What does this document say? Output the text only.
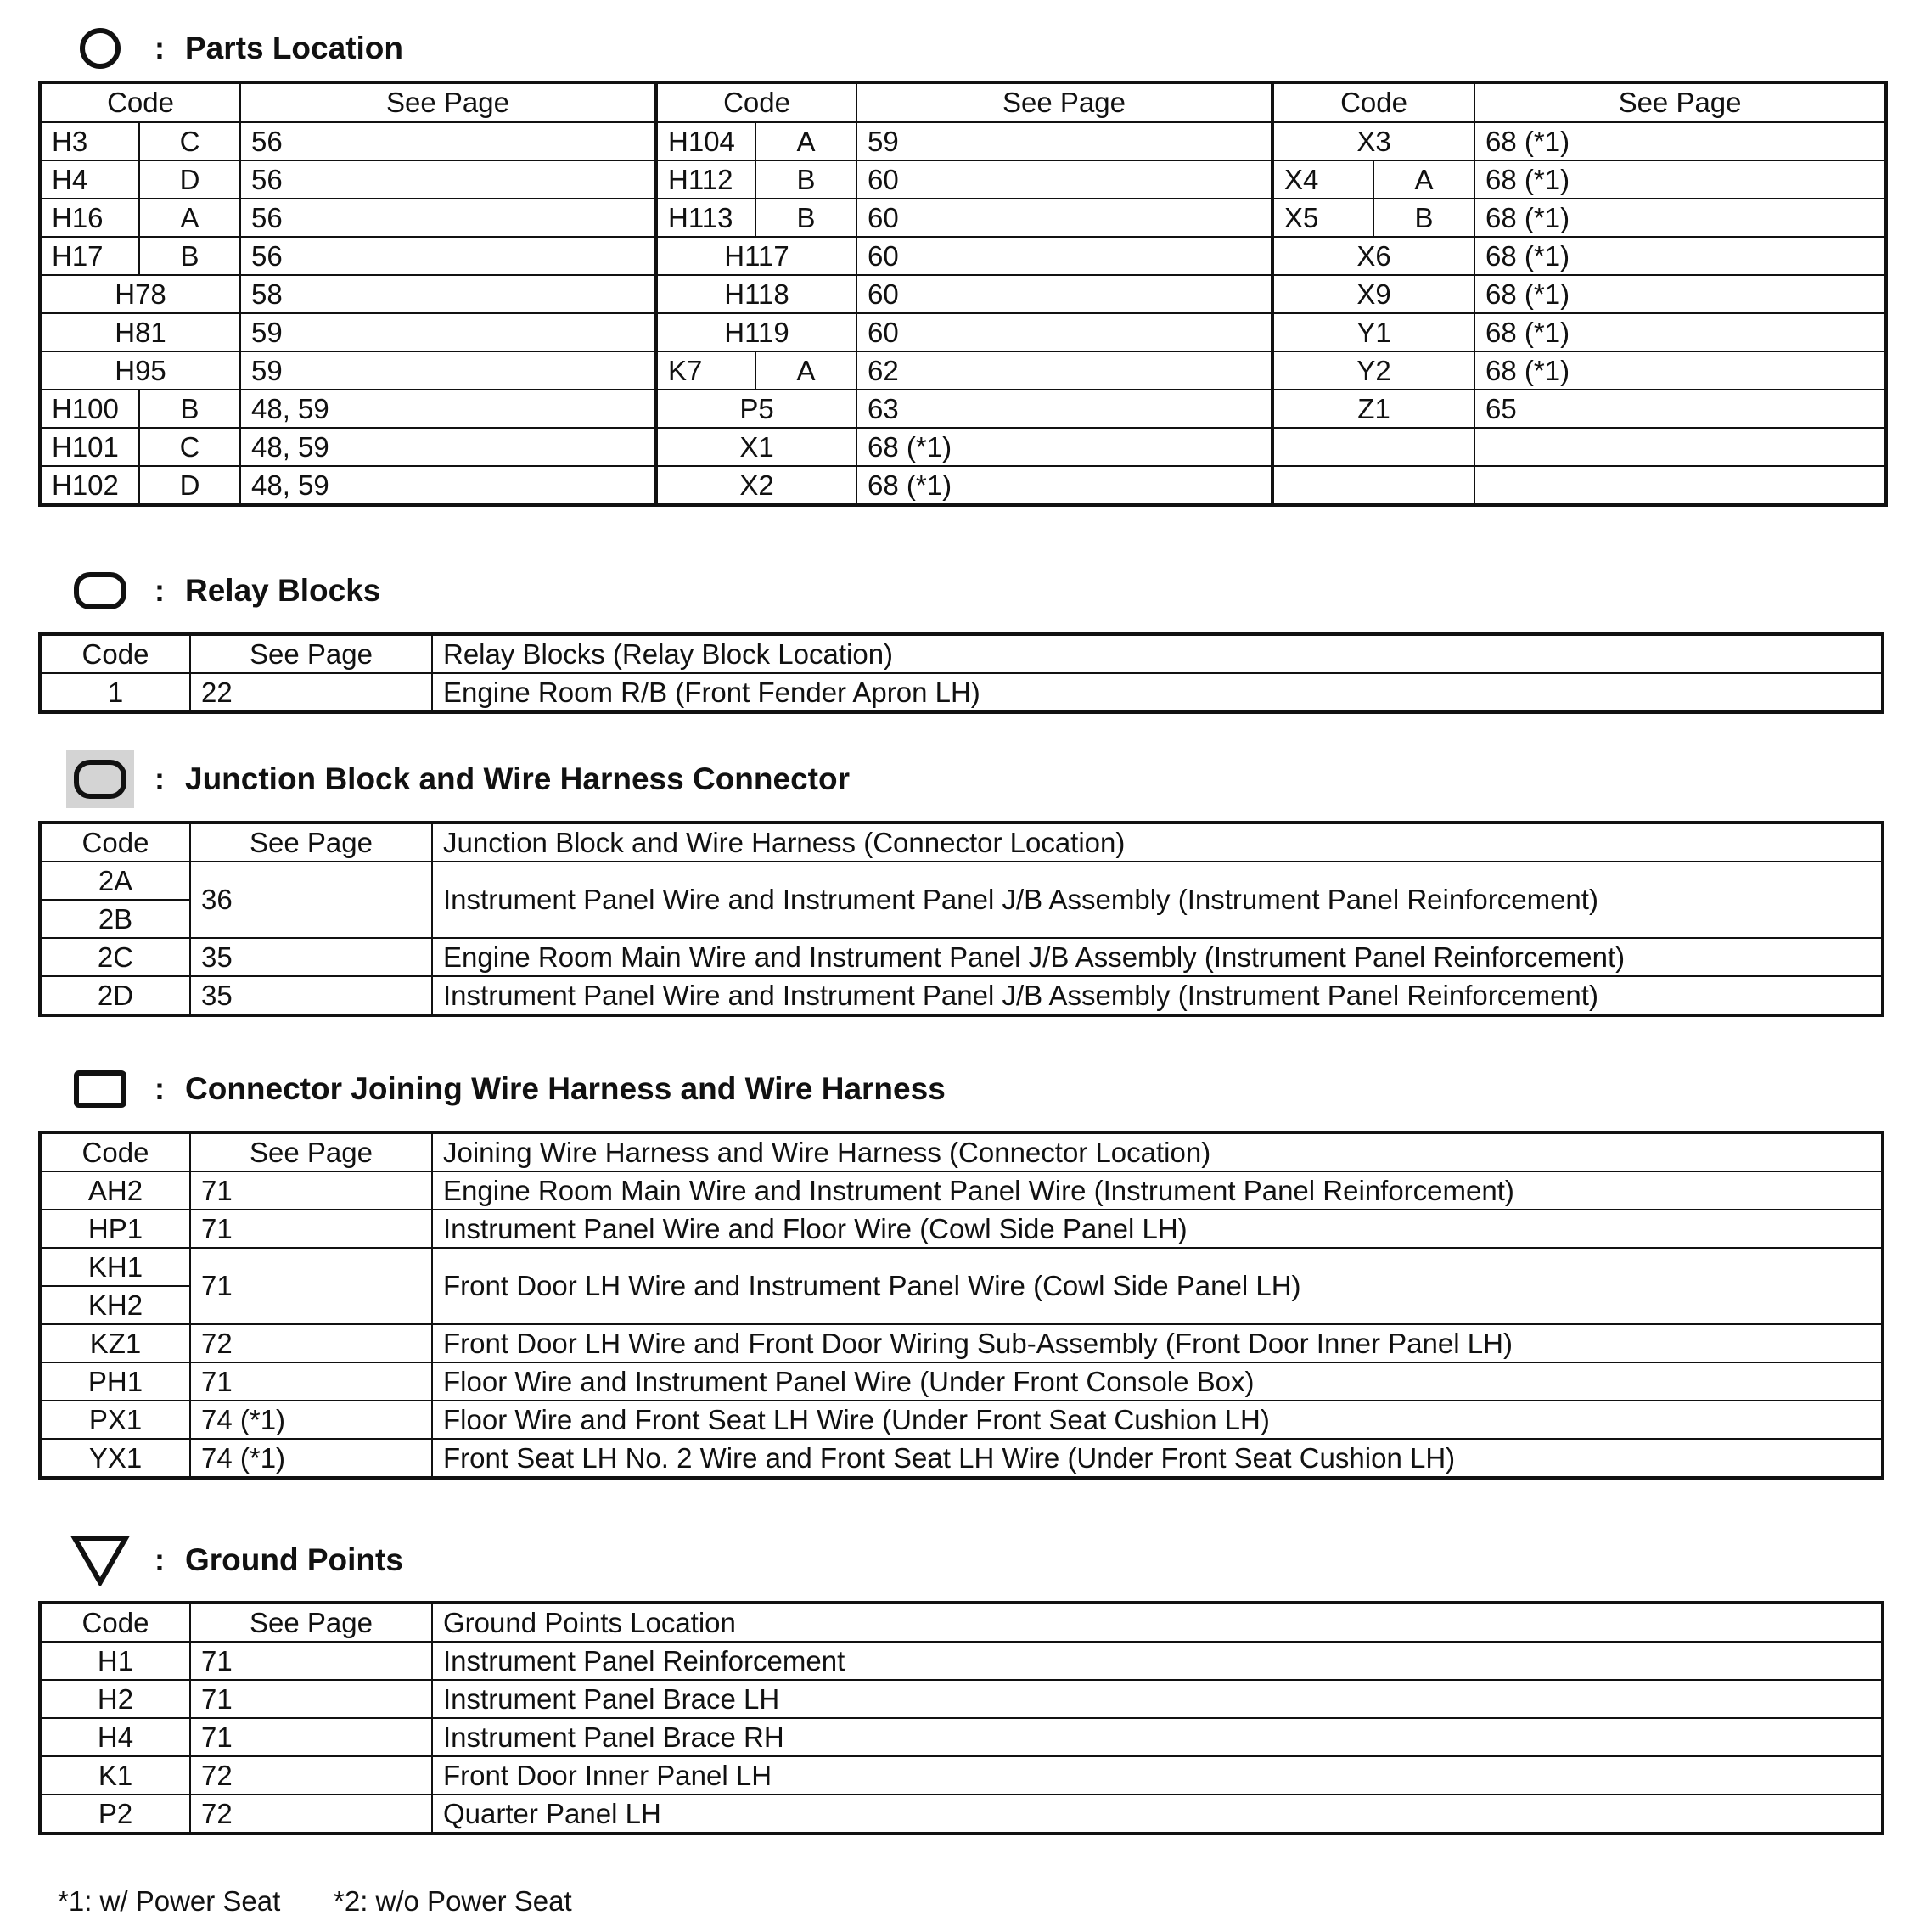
: Parts Location
Code		See Page	Code		See Page	Code		See Page
H3	C	56	H104	A	59	X3		68 (*1)
H4	D	56	H112	B	60	X4	A	68 (*1)
H16	A	56	H113	B	60	X5	B	68 (*1)
H17	B	56	H117		60	X6		68 (*1)
H78		58	H118		60	X9		68 (*1)
H81		59	H119		60	Y1		68 (*1)
H95		59	K7	A	62	Y2		68 (*1)
H100	B	48, 59	P5		63	Z1		65
H101	C	48, 59	X1		68 (*1)			
H102	D	48, 59	X2		68 (*1)			
: Relay Blocks
Code	See Page	Relay Blocks (Relay Block Location)
1	22	Engine Room R/B (Front Fender Apron LH)
: Junction Block and Wire Harness Connector
Code	See Page	Junction Block and Wire Harness (Connector Location)
2A	36	Instrument Panel Wire and Instrument Panel J/B Assembly (Instrument Panel Reinforcement)
2B		
2C	35	Engine Room Main Wire and Instrument Panel J/B Assembly (Instrument Panel Reinforcement)
2D	35	Instrument Panel Wire and Instrument Panel J/B Assembly (Instrument Panel Reinforcement)
: Connector Joining Wire Harness and Wire Harness
Code	See Page	Joining Wire Harness and Wire Harness (Connector Location)
AH2	71	Engine Room Main Wire and Instrument Panel Wire (Instrument Panel Reinforcement)
HP1	71	Instrument Panel Wire and Floor Wire (Cowl Side Panel LH)
KH1	71	Front Door LH Wire and Instrument Panel Wire (Cowl Side Panel LH)
KH2		
KZ1	72	Front Door LH Wire and Front Door Wiring Sub-Assembly (Front Door Inner Panel LH)
PH1	71	Floor Wire and Instrument Panel Wire (Under Front Console Box)
PX1	74 (*1)	Floor Wire and Front Seat LH Wire (Under Front Seat Cushion LH)
YX1	74 (*1)	Front Seat LH No. 2 Wire and Front Seat LH Wire (Under Front Seat Cushion LH)
: Ground Points
Code	See Page	Ground Points Location
H1	71	Instrument Panel Reinforcement
H2	71	Instrument Panel Brace LH
H4	71	Instrument Panel Brace RH
K1	72	Front Door Inner Panel LH
P2	72	Quarter Panel LH
*1: w/ Power Seat *2: w/o Power Seat
